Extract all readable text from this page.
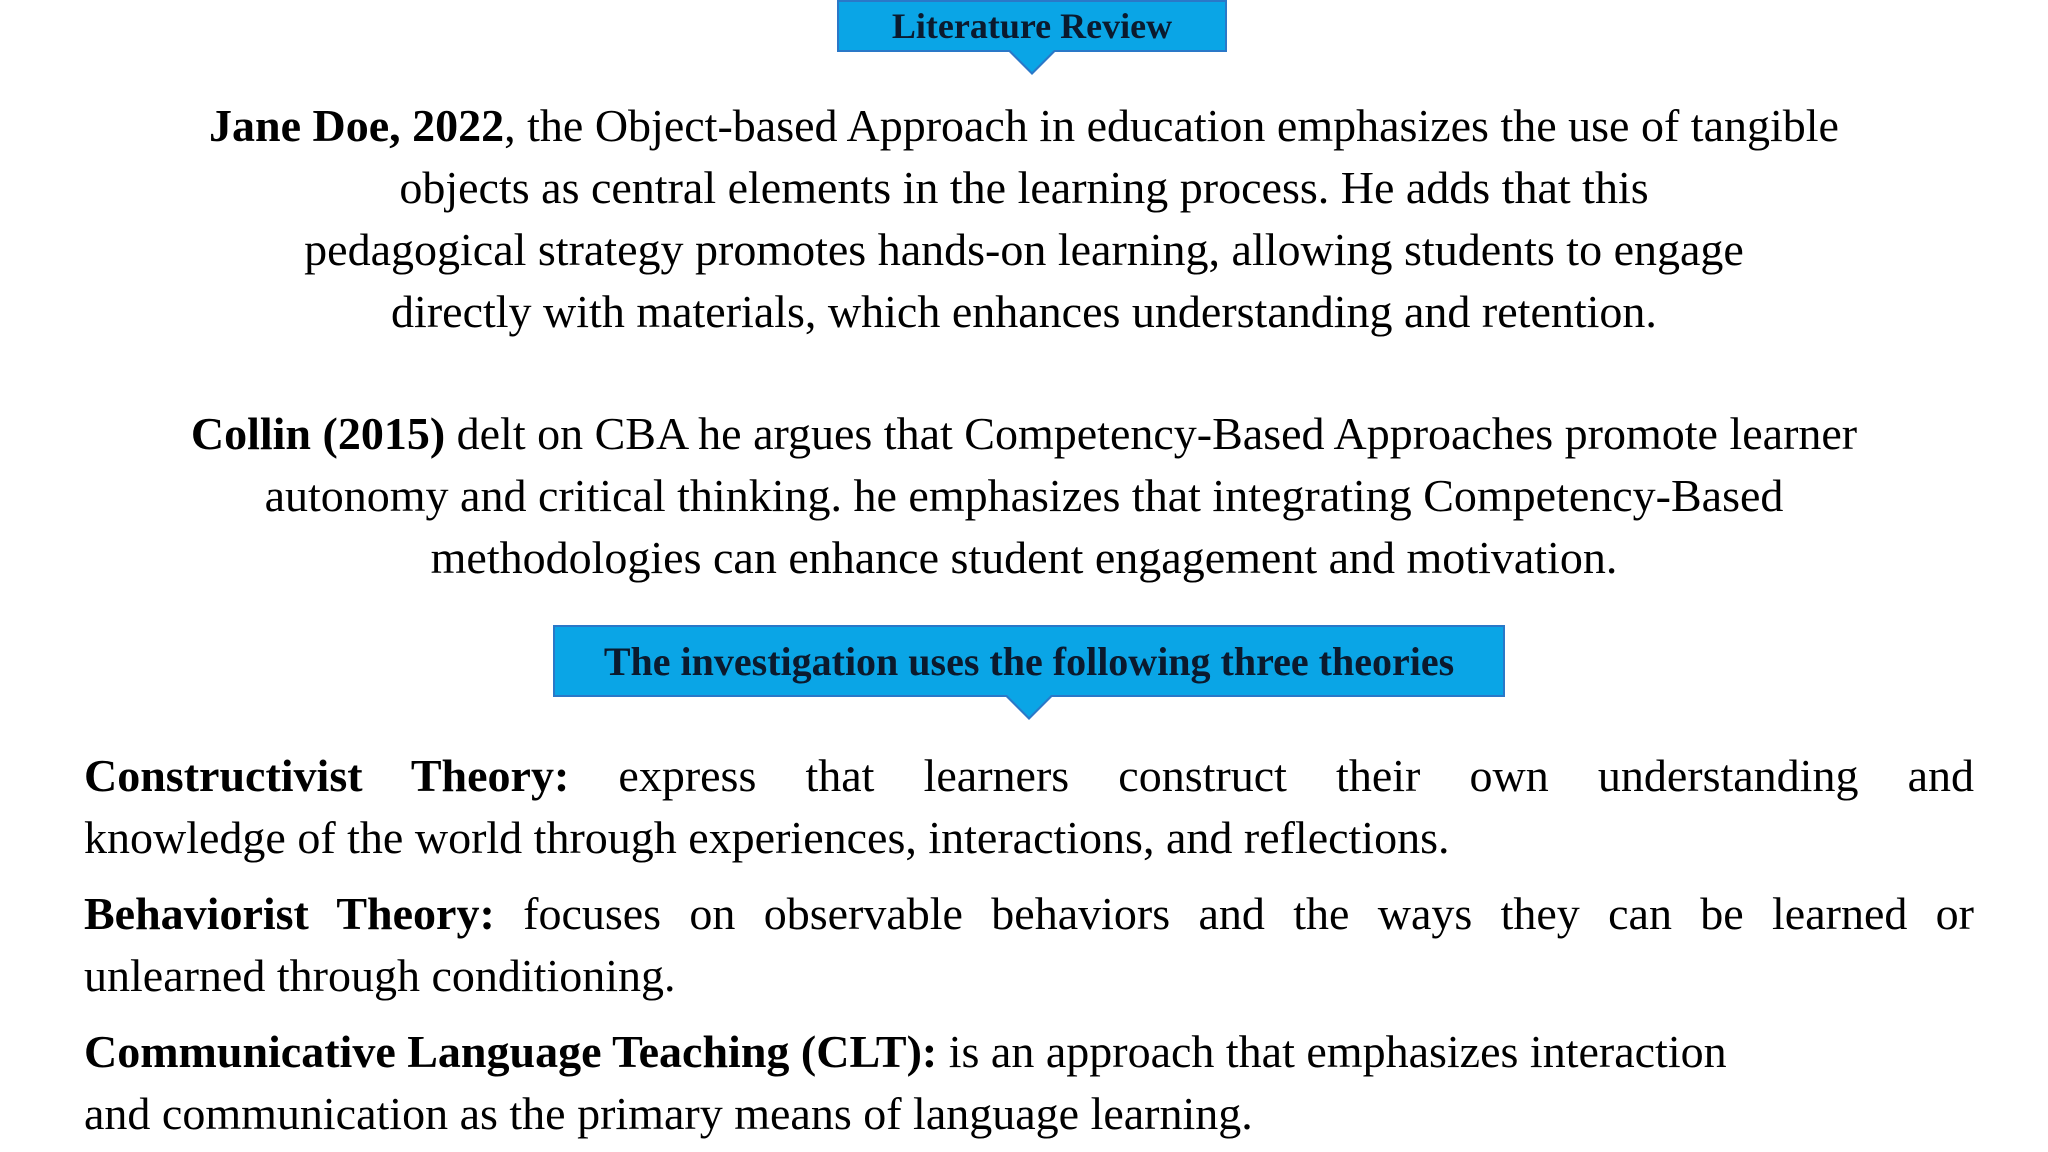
Literature Review
Jane Doe, 2022, the Object-based Approach in education emphasizes the use of tangible
objects as central elements in the learning process. He adds that this
pedagogical strategy promotes hands-on learning, allowing students to engage
directly with materials, which enhances understanding and retention.
Collin (2015) delt on CBA he argues that Competency-Based Approaches promote learner
autonomy and critical thinking. he emphasizes that integrating Competency-Based
methodologies can enhance student engagement and motivation.
The investigation uses the following three theories
Constructivist Theory: express that learners construct their own understanding and
knowledge of the world through experiences, interactions, and reflections.
Behaviorist Theory: focuses on observable behaviors and the ways they can be learned or
unlearned through conditioning.
Communicative Language Teaching (CLT): is an approach that emphasizes interaction
and communication as the primary means of language learning.
